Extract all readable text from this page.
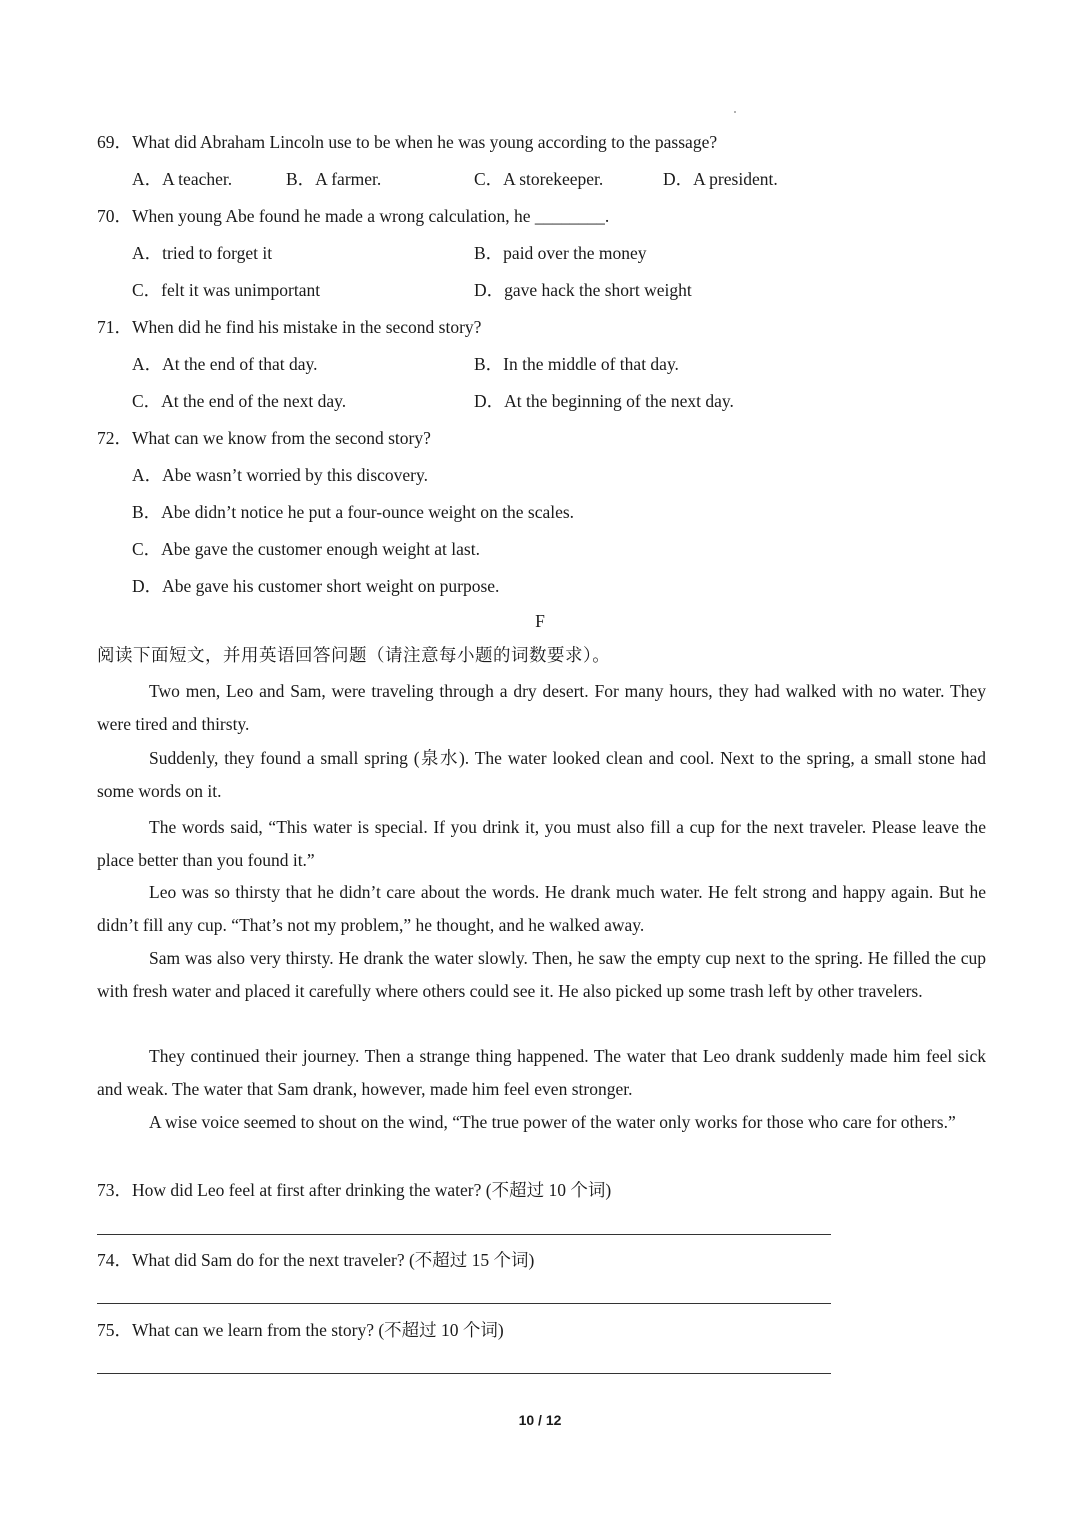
69．What did Abraham Lincoln use to be when he was young according to the passage?
A．A teacher.	B．A farmer.	C．A storekeeper.	D．A president.
70．When young Abe found he made a wrong calculation, he ________.
A．tried to forget it	B．paid over the money
C．felt it was unimportant	D．gave hack the short weight
71．When did he find his mistake in the second story?
A．At the end of that day.	B．In the middle of that day.
C．At the end of the next day.	D．At the beginning of the next day.
72．What can we know from the second story?
A．Abe wasn’t worried by this discovery.
B．Abe didn’t notice he put a four-ounce weight on the scales.
C．Abe gave the customer enough weight at last.
D．Abe gave his customer short weight on purpose.
F
阅读下面短文，并用英语回答问题（请注意每小题的词数要求）。
Two men, Leo and Sam, were traveling through a dry desert. For many hours, they had walked with no water. They were tired and thirsty.
Suddenly, they found a small spring (泉水). The water looked clean and cool. Next to the spring, a small stone had some words on it.
The words said, “This water is special. If you drink it, you must also fill a cup for the next traveler. Please leave the place better than you found it.”
Leo was so thirsty that he didn’t care about the words. He drank much water. He felt strong and happy again. But he didn’t fill any cup. “That’s not my problem,” he thought, and he walked away.
Sam was also very thirsty. He drank the water slowly. Then, he saw the empty cup next to the spring. He filled the cup with fresh water and placed it carefully where others could see it. He also picked up some trash left by other travelers.
They continued their journey. Then a strange thing happened. The water that Leo drank suddenly made him feel sick and weak. The water that Sam drank, however, made him feel even stronger.
A wise voice seemed to shout on the wind, “The true power of the water only works for those who care for others.”
73．How did Leo feel at first after drinking the water? (不超过 10 个词)
74．What did Sam do for the next traveler? (不超过 15 个词)
75．What can we learn from the story? (不超过 10 个词)
10 / 12
